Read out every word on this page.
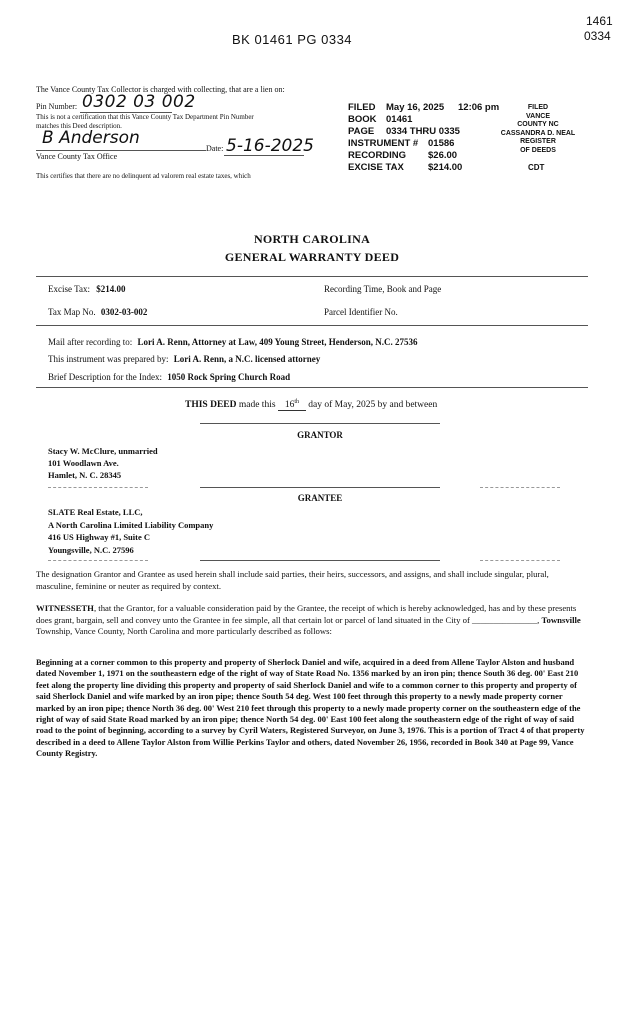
BK 01461 PG 0334
1461
0334
The Vance County Tax Collector is charged with collecting, that are a lien on:
Pin Number: 0302 03 002
This is not a certification that this Vance County Tax Department Pin Number
matches this Deed description.
B Anderson
Date: 5-16-2025
Vance County Tax Office
This certifies that there are no delinquent ad valorem real estate taxes, which
FILED May 16, 2025 12:06 pm
BOOK 01461
PAGE 0334 THRU 0335
INSTRUMENT # 01586
RECORDING $26.00
EXCISE TAX	$214.00
FILED
VANCE
COUNTY NC
CASSANDRA D. NEAL
REGISTER
OF DEEDS
CDT
NORTH CAROLINA
GENERAL WARRANTY DEED
Excise Tax: $214.00	Recording Time, Book and Page
Tax Map No. 0302-03-002	Parcel Identifier No.
Mail after recording to: Lori A. Renn, Attorney at Law, 409 Young Street, Henderson, N.C. 27536
This instrument was prepared by: Lori A. Renn, a N.C. licensed attorney
Brief Description for the Index: 1050 Rock Spring Church Road
THIS DEED made this 16th day of May, 2025 by and between
GRANTOR
Stacy W. McClure, unmarried
101 Woodlawn Ave.
Hamlet, N. C. 28345
GRANTEE
SLATE Real Estate, LLC,
A North Carolina Limited Liability Company
416 US Highway #1, Suite C
Youngsville, N.C. 27596

The designation Grantor and Grantee as used herein shall include said parties, their heirs, successors, and assigns, and shall include singular, plural, masculine, feminine or neuter as required by context.

WITNESSETH, that the Grantor, for a valuable consideration paid by the Grantee, the receipt of which is hereby acknowledged, has and by these presents does grant, bargain, sell and convey unto the Grantee in fee simple, all that certain lot or parcel of land situated in the City of _______________, Townsville Township, Vance County, North Carolina and more particularly described as follows:

Beginning at a corner common to this property and property of Sherlock Daniel and wife, acquired in a deed from Allene Taylor Alston and husband dated November 1, 1971 on the southeastern edge of the right of way of State Road No. 1356 marked by an iron pin; thence South 36 deg. 00' East 210 feet along the property line dividing this property and property of said Sherlock Daniel and wife to a common corner to this property and property of said Sherlock Daniel and wife marked by an iron pipe; thence South 54 deg. West 100 feet through this property to a newly made property corner marked by an iron pipe; thence North 36 deg. 00' West 210 feet through this property to a newly made property corner on the southeastern edge of the right of way of said State Road marked by an iron pipe; thence North 54 deg. 00' East 100 feet along the southeastern edge of the right of way of said road to the point of beginning, according to a survey by Cyril Waters, Registered Surveyor, on June 3, 1976. This is a portion of Tract 4 of that property described in a deed to Allene Taylor Alston from Willie Perkins Taylor and others, dated November 26, 1956, recorded in Book 340 at Page 99, Vance County Registry.
